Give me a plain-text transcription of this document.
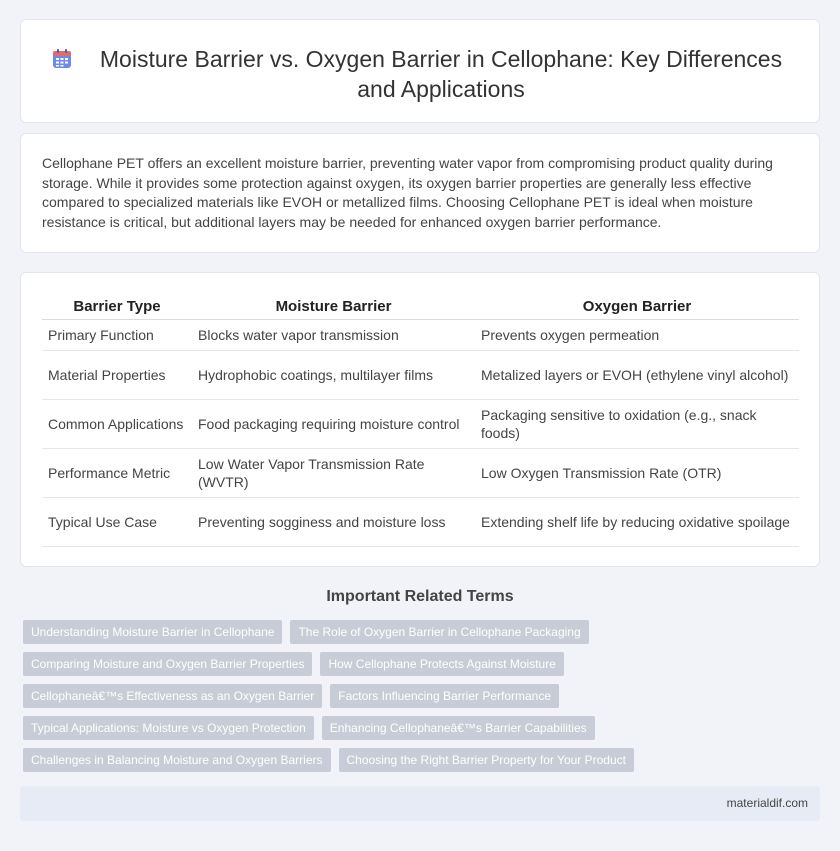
Moisture Barrier vs. Oxygen Barrier in Cellophane: Key Differences and Applications

Cellophane PET offers an excellent moisture barrier, preventing water vapor from compromising product quality during storage. While it provides some protection against oxygen, its oxygen barrier properties are generally less effective compared to specialized materials like EVOH or metallized films. Choosing Cellophane PET is ideal when moisture resistance is critical, but additional layers may be needed for enhanced oxygen barrier performance.

Barrier Type	Moisture Barrier	Oxygen Barrier
Primary Function	Blocks water vapor transmission	Prevents oxygen permeation
Material Properties	Hydrophobic coatings, multilayer films	Metalized layers or EVOH (ethylene vinyl alcohol)
Common Applications	Food packaging requiring moisture control	Packaging sensitive to oxidation (e.g., snack foods)
Performance Metric	Low Water Vapor Transmission Rate (WVTR)	Low Oxygen Transmission Rate (OTR)
Typical Use Case	Preventing sogginess and moisture loss	Extending shelf life by reducing oxidative spoilage
Important Related Terms
Understanding Moisture Barrier in Cellophane	The Role of Oxygen Barrier in Cellophane Packaging
Comparing Moisture and Oxygen Barrier Properties	How Cellophane Protects Against Moisture
Cellophaneâ€™s Effectiveness as an Oxygen Barrier	Factors Influencing Barrier Performance
Typical Applications: Moisture vs Oxygen Protection	Enhancing Cellophaneâ€™s Barrier Capabilities
Challenges in Balancing Moisture and Oxygen Barriers	Choosing the Right Barrier Property for Your Product
materialdif.com
